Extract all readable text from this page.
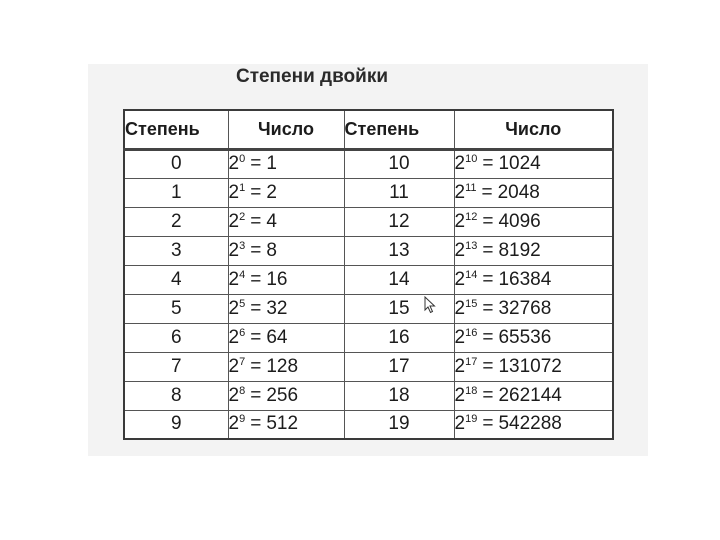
Степени двойки
Степень	Число	Степень	Число
0	$2^0 = 1$	10	$2^{10} = 1024$
1	$2^1 = 2$	11	$2^{11} = 2048$
2	$2^2 = 4$	12	$2^{12} = 4096$
3	$2^3 = 8$	13	$2^{13} = 8192$
4	$2^4 = 16$	14	$2^{14} = 16384$
5	$2^5 = 32$	15	$2^{15} = 32768$
6	$2^6 = 64$	16	$2^{16} = 65536$
7	$2^7 = 128$	17	$2^{17} = 131072$
8	$2^8 = 256$	18	$2^{18} = 262144$
9	$2^9 = 512$	19	$2^{19} = 542288$
